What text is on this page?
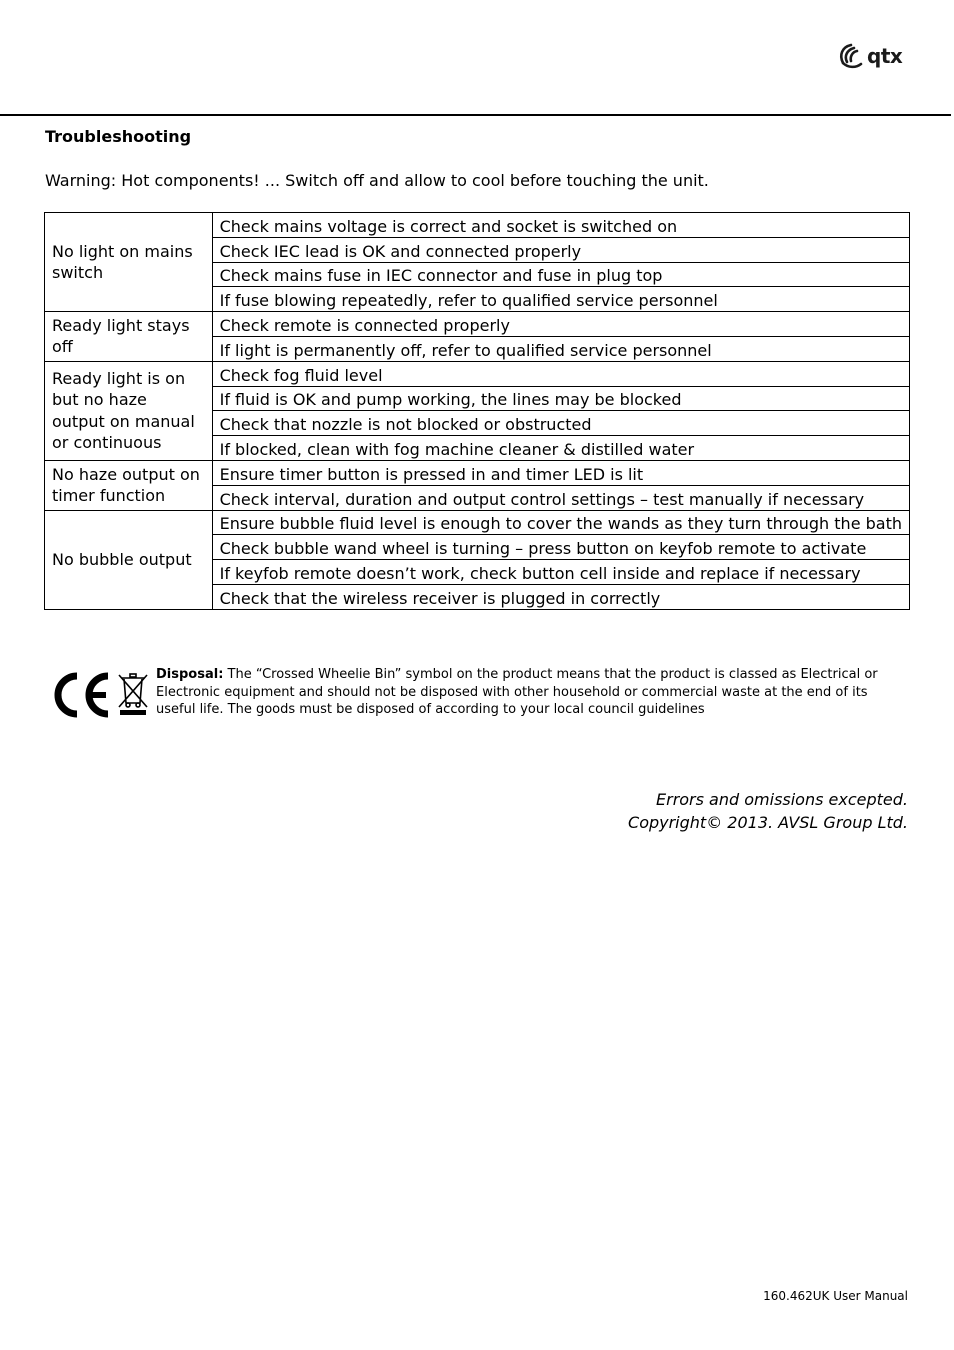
qtx
Troubleshooting
Warning: Hot components! ... Switch off and allow to cool before touching the unit.
No light on mains switch	Check mains voltage is correct and socket is switched on
	Check IEC lead is OK and connected properly
	Check mains fuse in IEC connector and fuse in plug top
	If fuse blowing repeatedly, refer to qualified service personnel
Ready light stays off	Check remote is connected properly
	If light is permanently off, refer to qualified service personnel
Ready light is on but no haze output on manual or continuous	Check fog fluid level
	If fluid is OK and pump working, the lines may be blocked
	Check that nozzle is not blocked or obstructed
	If blocked, clean with fog machine cleaner & distilled water
No haze output on timer function	Ensure timer button is pressed in and timer LED is lit
	Check interval, duration and output control settings – test manually if necessary
No bubble output	Ensure bubble fluid level is enough to cover the wands as they turn through the bath
	Check bubble wand wheel is turning – press button on keyfob remote to activate
	If keyfob remote doesn’t work, check button cell inside and replace if necessary
	Check that the wireless receiver is plugged in correctly
Disposal: The “Crossed Wheelie Bin” symbol on the product means that the product is classed as Electrical or Electronic equipment and should not be disposed with other household or commercial waste at the end of its useful life. The goods must be disposed of according to your local council guidelines
Errors and omissions excepted.
Copyright© 2013. AVSL Group Ltd.
160.462UK User Manual
